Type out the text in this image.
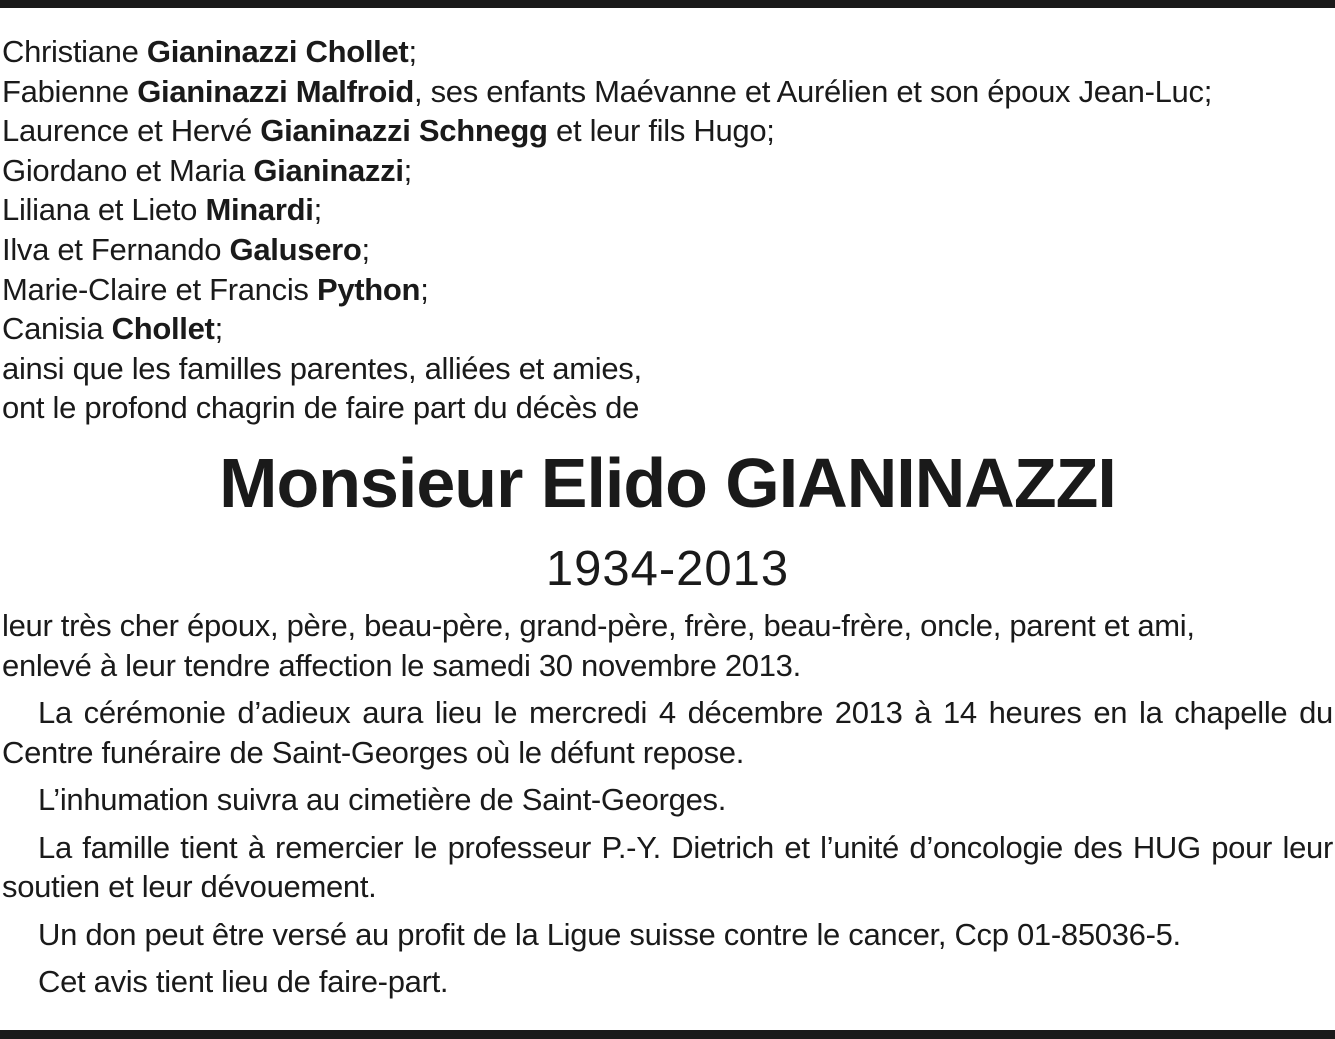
Christiane Gianinazzi Chollet;
Fabienne Gianinazzi Malfroid, ses enfants Maévanne et Aurélien et son époux Jean-Luc;
Laurence et Hervé Gianinazzi Schnegg et leur fils Hugo;
Giordano et Maria Gianinazzi;
Liliana et Lieto Minardi;
Ilva et Fernando Galusero;
Marie-Claire et Francis Python;
Canisia Chollet;
ainsi que les familles parentes, alliées et amies,
ont le profond chagrin de faire part du décès de
Monsieur Elido GIANINAZZI
1934-2013
leur très cher époux, père, beau-père, grand-père, frère, beau-frère, oncle, parent et ami,
enlevé à leur tendre affection le samedi 30 novembre 2013.
La cérémonie d’adieux aura lieu le mercredi 4 décembre 2013 à 14 heures en la chapelle du Centre funéraire de Saint-Georges où le défunt repose.
L’inhumation suivra au cimetière de Saint-Georges.
La famille tient à remercier le professeur P.-Y. Dietrich et l’unité d’oncologie des HUG pour leur soutien et leur dévouement.
Un don peut être versé au profit de la Ligue suisse contre le cancer, Ccp 01-85036-5.
Cet avis tient lieu de faire-part.
